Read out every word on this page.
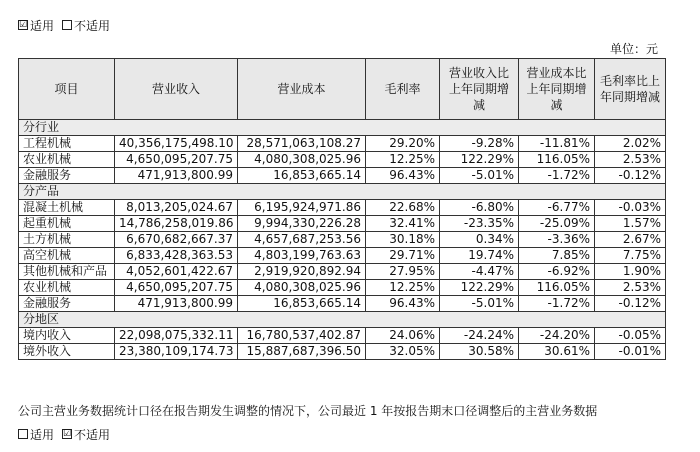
☑ 适用 不适用
单位：元
项目	营业收入	营业成本	毛利率	营业收入比上年同期增减	营业成本比上年同期增减	毛利率比上年同期增减
分行业						
工程机械	40,356,175,498.10	28,571,063,108.27	29.20%	-9.28%	-11.81%	2.02%
农业机械	4,650,095,207.75	4,080,308,025.96	12.25%	122.29%	116.05%	2.53%
金融服务	471,913,800.99	16,853,665.14	96.43%	-5.01%	-1.72%	-0.12%
分产品						
混凝土机械	8,013,205,024.67	6,195,924,971.86	22.68%	-6.80%	-6.77%	-0.03%
起重机械	14,786,258,019.86	9,994,330,226.28	32.41%	-23.35%	-25.09%	1.57%
土方机械	6,670,682,667.37	4,657,687,253.56	30.18%	0.34%	-3.36%	2.67%
高空机械	6,833,428,363.53	4,803,199,763.63	29.71%	19.74%	7.85%	7.75%
其他机械和产品	4,052,601,422.67	2,919,920,892.94	27.95%	-4.47%	-6.92%	1.90%
农业机械	4,650,095,207.75	4,080,308,025.96	12.25%	122.29%	116.05%	2.53%
金融服务	471,913,800.99	16,853,665.14	96.43%	-5.01%	-1.72%	-0.12%
分地区						
境内收入	22,098,075,332.11	16,780,537,402.87	24.06%	-24.24%	-24.20%	-0.05%
境外收入	23,380,109,174.73	15,887,687,396.50	32.05%	30.58%	30.61%	-0.01%
公司主营业务数据统计口径在报告期发生调整的情况下，公司最近 1 年按报告期末口径调整后的主营业务数据
适用 ☑ 不适用
